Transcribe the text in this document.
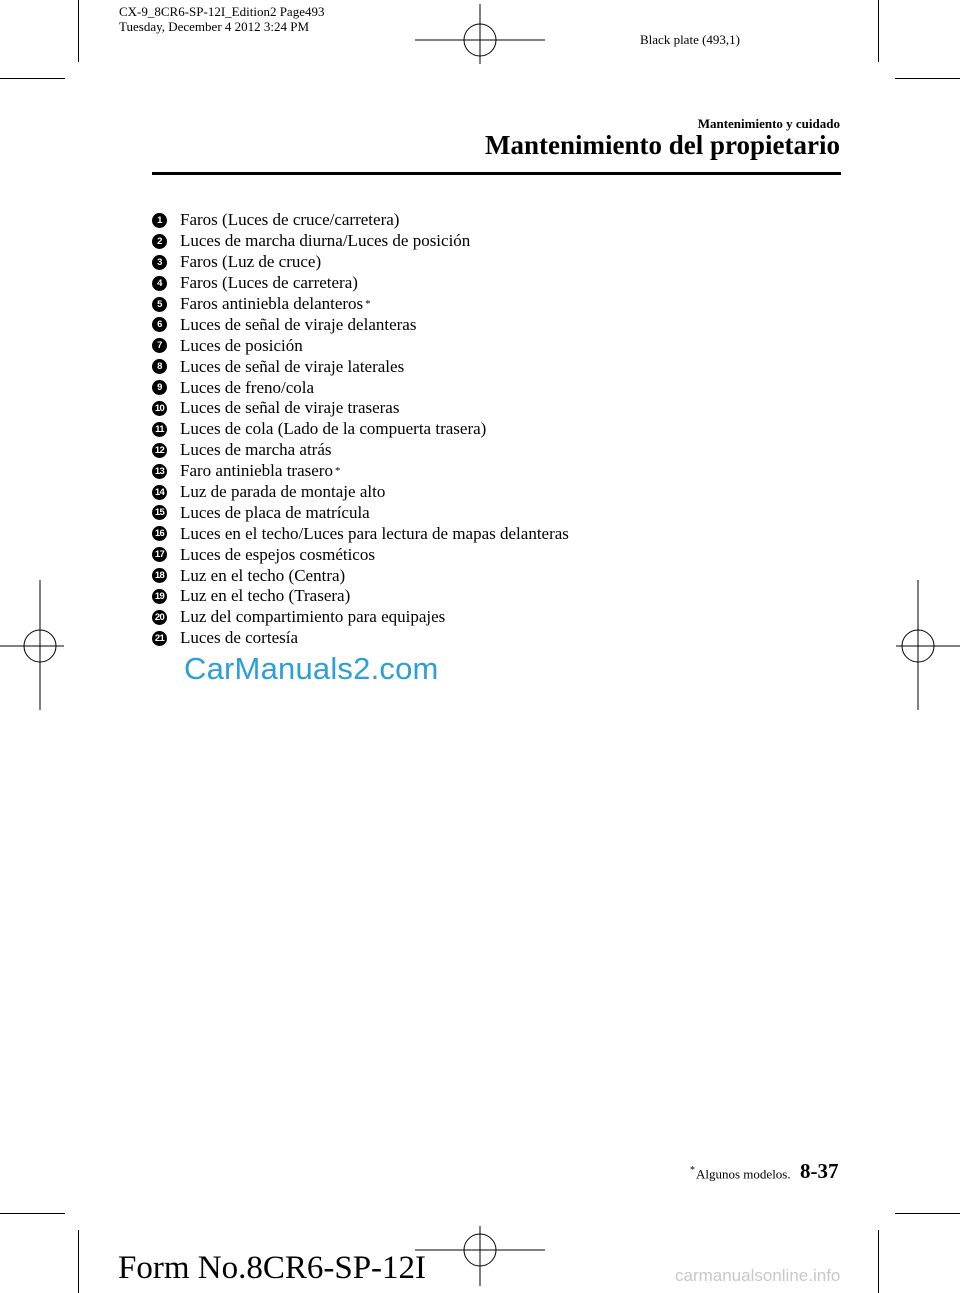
CX-9_8CR6-SP-12I_Edition2 Page493
Tuesday, December 4 2012 3:24 PM
Black plate (493,1)
Mantenimiento y cuidado
Mantenimiento del propietario
1	Faros (Luces de cruce/carretera)
2	Luces de marcha diurna/Luces de posición
3	Faros (Luz de cruce)
4	Faros (Luces de carretera)
5	Faros antiniebla delanteros *
6	Luces de señal de viraje delanteras
7	Luces de posición
8	Luces de señal de viraje laterales
9	Luces de freno/cola
10 Luces de señal de viraje traseras
11 Luces de cola (Lado de la compuerta trasera)
12 Luces de marcha atrás
13 Faro antiniebla trasero *
14 Luz de parada de montaje alto
15 Luces de placa de matrícula
16 Luces en el techo/Luces para lectura de mapas delanteras
17 Luces de espejos cosméticos
18 Luz en el techo (Centra)
19 Luz en el techo (Trasera)
20 Luz del compartimiento para equipajes
21 Luces de cortesía
CarManuals2.com
*Algunos modelos. 8-37
Form No.8CR6-SP-12I	carmanualsonline.info
